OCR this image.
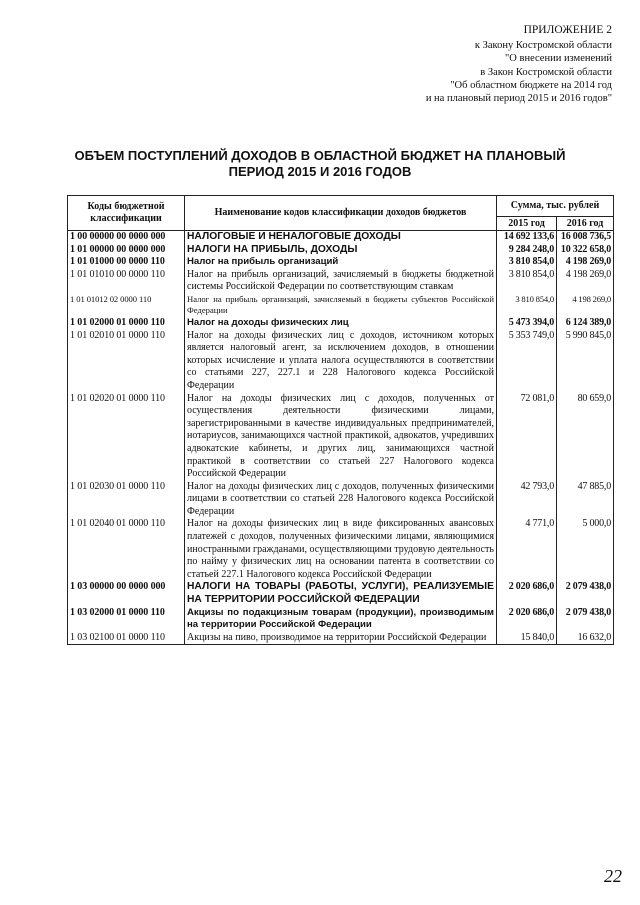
ПРИЛОЖЕНИЕ 2
к Закону Костромской области
"О внесении изменений
в Закон Костромской области
"Об областном бюджете на 2014 год
и на плановый период 2015 и 2016 годов"
ОБЪЕМ ПОСТУПЛЕНИЙ ДОХОДОВ В ОБЛАСТНОЙ БЮДЖЕТ НА ПЛАНОВЫЙ
ПЕРИОД 2015 И 2016 ГОДОВ
Коды бюджетной классификации	Наименование кодов классификации доходов бюджетов	Сумма, тыс. рублей	
		2015 год	2016 год
1 00 00000 00 0000 000	НАЛОГОВЫЕ И НЕНАЛОГОВЫЕ ДОХОДЫ	14 692 133,6	16 008 736,5
1 01 00000 00 0000 000	НАЛОГИ НА ПРИБЫЛЬ, ДОХОДЫ	9 284 248,0	10 322 658,0
1 01 01000 00 0000 110	Налог на прибыль организаций	3 810 854,0	4 198 269,0
1 01 01010 00 0000 110	Налог на прибыль организаций, зачисляемый в бюджеты бюджетной системы Российской Федерации по соответствующим ставкам	3 810 854,0	4 198 269,0
1 01 01012 02 0000 110	Налог на прибыль организаций, зачисляемый в бюджеты субъектов Российской Федерации	3 810 854,0	4 198 269,0
1 01 02000 01 0000 110	Налог на доходы физических лиц	5 473 394,0	6 124 389,0
1 01 02010 01 0000 110	Налог на доходы физических лиц с доходов, источником которых является налоговый агент, за исключением доходов, в отношении которых исчисление и уплата налога осуществляются в соответствии со статьями 227, 227.1 и 228 Налогового кодекса Российской Федерации	5 353 749,0	5 990 845,0
1 01 02020 01 0000 110	Налог на доходы физических лиц с доходов, полученных от осуществления деятельности физическими лицами, зарегистрированными в качестве индивидуальных предпринимателей, нотариусов, занимающихся частной практикой, адвокатов, учредивших адвокатские кабинеты, и других лиц, занимающихся частной практикой в соответствии со статьей 227 Налогового кодекса Российской Федерации	72 081,0	80 659,0
1 01 02030 01 0000 110	Налог на доходы физических лиц с доходов, полученных физическими лицами в соответствии со статьей 228 Налогового кодекса Российской Федерации	42 793,0	47 885,0
1 01 02040 01 0000 110	Налог на доходы физических лиц в виде фиксированных авансовых платежей с доходов, полученных физическими лицами, являющимися иностранными гражданами, осуществляющими трудовую деятельность по найму у физических лиц на основании патента в соответствии со статьей 227.1 Налогового кодекса Российской Федерации	4 771,0	5 000,0
1 03 00000 00 0000 000	НАЛОГИ НА ТОВАРЫ (РАБОТЫ, УСЛУГИ), РЕАЛИЗУЕМЫЕ НА ТЕРРИТОРИИ РОССИЙСКОЙ ФЕДЕРАЦИИ	2 020 686,0	2 079 438,0
1 03 02000 01 0000 110	Акцизы по подакцизным товарам (продукции), производимым на территории Российской Федерации	2 020 686,0	2 079 438,0
1 03 02100 01 0000 110	Акцизы на пиво, производимое на территории Российской Федерации	15 840,0	16 632,0
22
